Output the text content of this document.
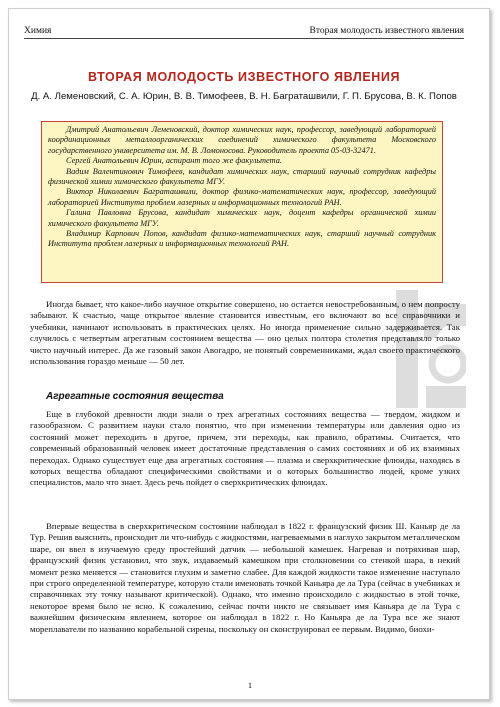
Химия	Вторая молодость известного явления
ВТОРАЯ МОЛОДОСТЬ ИЗВЕСТНОГО ЯВЛЕНИЯ
Д. А. Леменовский, С. А. Юрин, В. В. Тимофеев, В. Н. Баграташвили, Г. П. Брусова, В. К. Попов

Дмитрий Анатольевич Леменовский, доктор химических наук, профессор, заведующий лабораторией координационных металлоорганических соединений химического факультета Московского государственного университета им. М. В. Ломоносова. Руководитель проекта 05-03-32471.

Сергей Анатольевич Юрин, аспирант того же факультета.

Вадим Валентинович Тимофеев, кандидат химических наук, старший научный сотрудник кафедры физической химии химического факультета МГУ.

Виктор Николаевич Баграташвили, доктор физико-математических наук, профессор, заведующий лабораторией Института проблем лазерных и информационных технологий РАН.

Галина Павловна Брусова, кандидат химических наук, доцент кафедры органической химии химического факультета МГУ.

Владимир Карпович Попов, кандидат физико-математических наук, старший научный сотрудник Института проблем лазерных и информационных технологий РАН.

Иногда бывает, что какое-либо научное открытие совершено, но остается невостребованным, о нем попросту забывают. К счастью, чаще открытое явление становится известным, его включают во все справочники и учебники, начинают использовать в практических целях. Но иногда применение сильно задерживается. Так случилось с четвертым агрегатным состоянием вещества — оно целых полтора столетия представляло только чисто научный интерес. Да же газовый закон Авогадро, не понятый современниками, ждал своего практического использования гораздо меньше — 50 лет.

Агрегатные состояния вещества

Еще в глубокой древности люди знали о трех агрегатных состояниях вещества — твердом, жидком и газообразном. С развитием науки стало понятно, что при изменении температуры или давления одно из состояний может переходить в другое, причем, эти переходы, как правило, обратимы. Считается, что современный образованный человек имеет достаточные представления о самих состояниях и об их взаимных переходах. Однако существует еще два агрегатных состояния — плазма и сверхкритические флюиды, находясь в которых вещества обладают специфическими свойствами и о которых большинство людей, кроме узких специалистов, мало что знает. Здесь речь пойдет о сверхкритических флюидах.

Впервые вещества в сверхкритическом состоянии наблюдал в 1822 г. французский физик Ш. Каньяр де ла Тур. Решив выяснить, происходит ли что-нибудь с жидкостями, нагреваемыми в наглухо закрытом металлическом шаре, он ввел в изучаемую среду простейший датчик — небольшой камешек. Нагревая и потряхивая шар, французский физик установил, что звук, издаваемый камешком при столкновении со стенкой шара, в некий момент резко меняется — становится глухим и заметно слабее. Для каждой жидкости такое изменение наступало при строго определенной температуре, которую стали именовать точкой Каньяра де ла Тура (сейчас в учебниках и справочниках эту точку называют критической). Однако, что именно происходило с жидкостью в этой точке, некоторое время было не ясно. К сожалению, сейчас почти никто не связывает имя Каньяра де ла Тура с важнейшим физическим явлением, которое он наблюдал в 1822 г. Но Каньяра де ла Тура все же знают мореплаватели по названию корабельной сирены, поскольку он сконструировал ее первым. Видимо, биохи-

1
